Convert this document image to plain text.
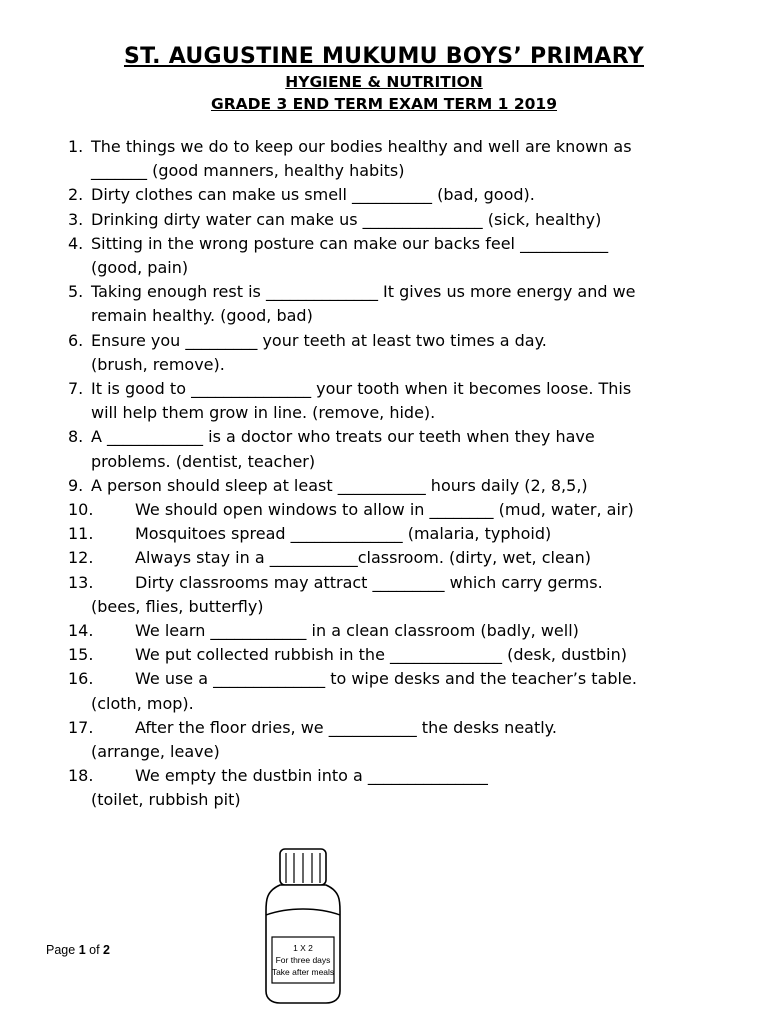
ST. AUGUSTINE MUKUMU BOYS’ PRIMARY
HYGIENE & NUTRITION
GRADE 3 END TERM EXAM TERM 1 2019
1. The things we do to keep our bodies healthy and well are known as
_______ (good manners, healthy habits)
2. Dirty clothes can make us smell __________ (bad, good).
3. Drinking dirty water can make us _______________ (sick, healthy)
4. Sitting in the wrong posture can make our backs feel ___________
(good, pain)
5. Taking enough rest is ______________ It gives us more energy and we
remain healthy. (good, bad)
6. Ensure you _________ your teeth at least two times a day.
(brush, remove).
7. It is good to _______________ your tooth when it becomes loose. This
will help them grow in line. (remove, hide).
8. A ____________ is a doctor who treats our teeth when they have
problems. (dentist, teacher)
9. A person should sleep at least ___________ hours daily (2, 8,5,)
10.	We should open windows to allow in ________ (mud, water, air)
11.	Mosquitoes spread ______________ (malaria, typhoid)
12.	Always stay in a ___________classroom. (dirty, wet, clean)
13.	Dirty classrooms may attract _________ which carry germs.
(bees, flies, butterfly)
14.	We learn ____________ in a clean classroom (badly, well)
15.	We put collected rubbish in the ______________ (desk, dustbin)
16.	We use a ______________ to wipe desks and the teacher’s table.
(cloth, mop).
17.	After the floor dries, we ___________ the desks neatly.
(arrange, leave)
18.	We empty the dustbin into a _______________
(toilet, rubbish pit)
Page 1 of 2	1 X 2
For three days
Take after meals
